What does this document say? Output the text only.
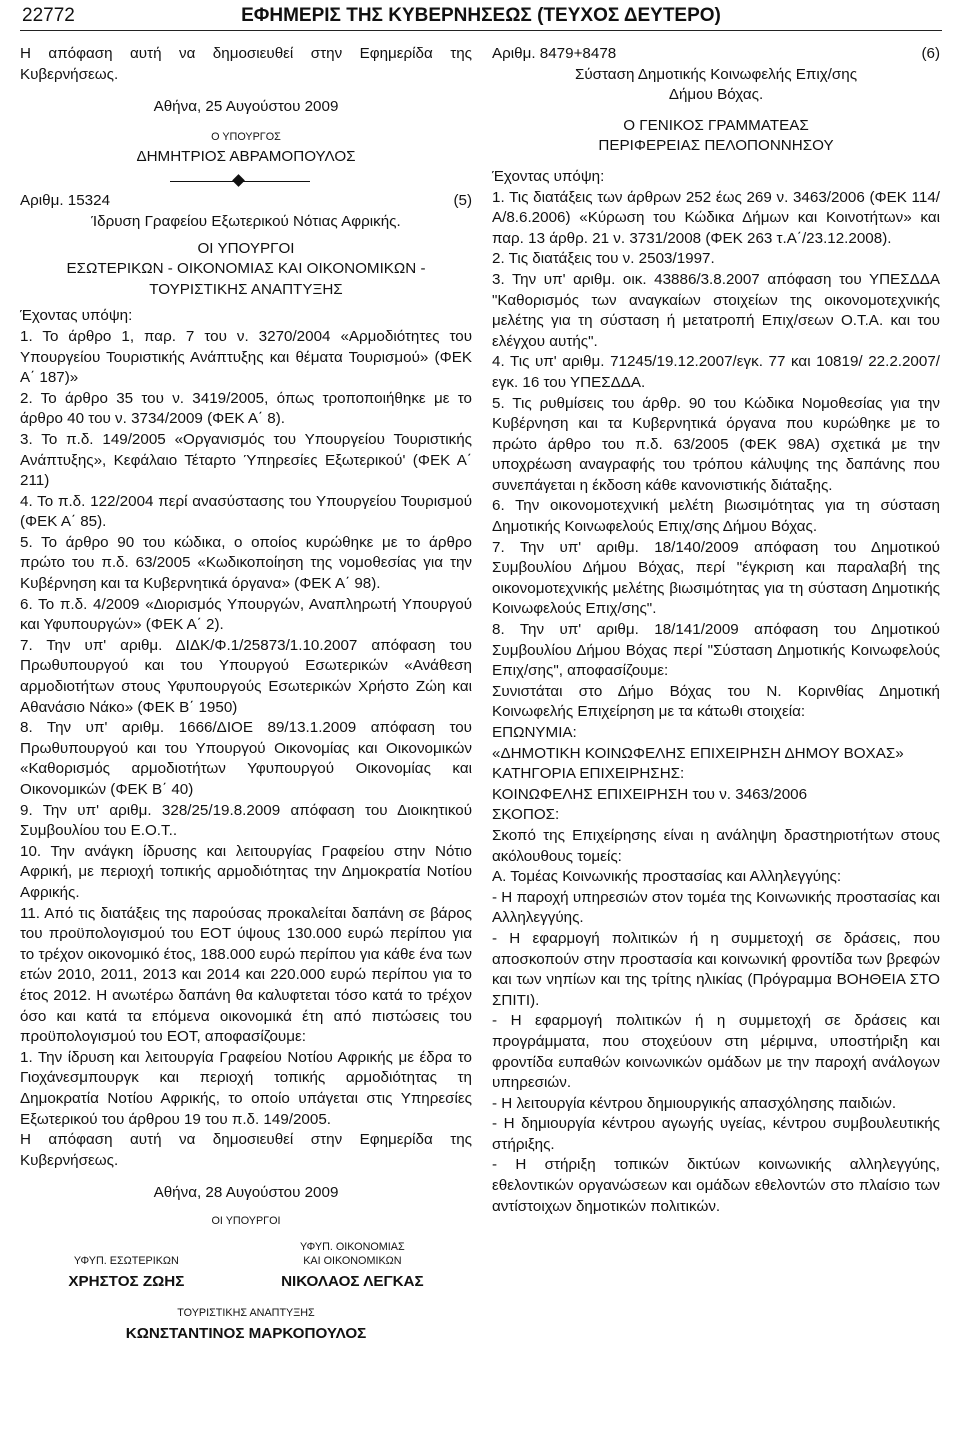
22772	ΕΦΗΜΕΡΙΣ ΤΗΣ ΚΥΒΕΡΝΗΣΕΩΣ (ΤΕΥΧΟΣ ΔΕΥΤΕΡΟ)

Η απόφαση αυτή να δημοσιευθεί στην Εφημερίδα της Κυβερνήσεως.

Αθήνα, 25 Αυγούστου 2009

Ο ΥΠΟΥΡΓΟΣ

ΔΗΜΗΤΡΙΟΣ ΑΒΡΑΜΟΠΟΥΛΟΣ

Αριθμ. 15324	(5)

Ίδρυση Γραφείου Εξωτερικού Νότιας Αφρικής.

ΟΙ ΥΠΟΥΡΓΟΙ
ΕΣΩΤΕΡΙΚΩΝ - ΟΙΚΟΝΟΜΙΑΣ ΚΑΙ ΟΙΚΟΝΟΜΙΚΩΝ -
ΤΟΥΡΙΣΤΙΚΗΣ ΑΝΑΠΤΥΞΗΣ

Έχοντας υπόψη:

1. Το άρθρο 1, παρ. 7 του ν. 3270/2004 «Αρμοδιότητες του Υπουργείου Τουριστικής Ανάπτυξης και θέματα Τουρισμού» (ΦΕΚ Α΄ 187)»

2. Το άρθρο 35 του ν. 3419/2005, όπως τροποποιήθηκε με το άρθρο 40 του ν. 3734/2009 (ΦΕΚ Α΄ 8).

3. Το π.δ. 149/2005 «Οργανισμός του Υπουργείου Τουριστικής Ανάπτυξης», Κεφάλαιο Τέταρτο Ύπηρεσίες Εξωτερικού' (ΦΕΚ Α΄ 211)

4. Το π.δ. 122/2004 περί ανασύστασης του Υπουργείου Τουρισμού (ΦΕΚ Α΄ 85).

5. Το άρθρο 90 του κώδικα, ο οποίος κυρώθηκε με το άρθρο πρώτο του π.δ. 63/2005 «Κωδικοποίηση της νομοθεσίας για την Κυβέρνηση και τα Κυβερνητικά όργανα» (ΦΕΚ Α΄ 98).

6. Το π.δ. 4/2009 «Διορισμός Υπουργών, Αναπληρωτή Υπουργού και Υφυπουργών» (ΦΕΚ Α΄ 2).

7. Την υπ' αριθμ. ΔΙΔΚ/Φ.1/25873/1.10.2007 απόφαση του Πρωθυπουργού και του Υπουργού Εσωτερικών «Ανάθεση αρμοδιοτήτων στους Υφυπουργούς Εσωτερικών Χρήστο Ζώη και Αθανάσιο Νάκο» (ΦΕΚ Β΄ 1950)

8. Την υπ' αριθμ. 1666/ΔΙΟΕ 89/13.1.2009 απόφαση του Πρωθυπουργού και του Υπουργού Οικονομίας και Οικονομικών «Καθορισμός αρμοδιοτήτων Υφυπουργού Οικονομίας και Οικονομικών (ΦΕΚ Β΄ 40)

9. Την υπ' αριθμ. 328/25/19.8.2009 απόφαση του Διοικητικού Συμβουλίου του Ε.Ο.Τ..

10. Την ανάγκη ίδρυσης και λειτουργίας Γραφείου στην Νότιο Αφρική, με περιοχή τοπικής αρμοδιότητας την Δημοκρατία Νοτίου Αφρικής.

11. Από τις διατάξεις της παρούσας προκαλείται δαπάνη σε βάρος του προϋπολογισμού του ΕΟΤ ύψους 130.000 ευρώ περίπου για το τρέχον οικονομικό έτος, 188.000 ευρώ περίπου για κάθε ένα των ετών 2010, 2011, 2013 και 2014 και 220.000 ευρώ περίπου για το έτος 2012. Η ανωτέρω δαπάνη θα καλυφτεται τόσο κατά το τρέχον όσο και κατά τα επόμενα οικονομικά έτη από πιστώσεις του προϋπολογισμού του ΕΟΤ, αποφασίζουμε:

1. Την ίδρυση και λειτουργία Γραφείου Νοτίου Αφρικής με έδρα το Γιοχάνεσμπουργκ και περιοχή τοπικής αρμοδιότητας τη Δημοκρατία Νοτίου Αφρικής, το οποίο υπάγεται στις Υπηρεσίες Εξωτερικού του άρθρου 19 του π.δ. 149/2005.

Η απόφαση αυτή να δημοσιευθεί στην Εφημερίδα της Κυβερνήσεως.

Αθήνα, 28 Αυγούστου 2009

ΟΙ ΥΠΟΥΡΓΟΙ

ΥΦΥΠ. ΕΣΩΤΕΡΙΚΩΝ

ΧΡΗΣΤΟΣ ΖΩΗΣ

ΥΦΥΠ. ΟΙΚΟΝΟΜΙΑΣ
ΚΑΙ ΟΙΚΟΝΟΜΙΚΩΝ

ΝΙΚΟΛΑΟΣ ΛΕΓΚΑΣ

ΤΟΥΡΙΣΤΙΚΗΣ ΑΝΑΠΤΥΞΗΣ

ΚΩΝΣΤΑΝΤΙΝΟΣ ΜΑΡΚΟΠΟΥΛΟΣ

Αριθμ. 8479+8478	(6)

Σύσταση Δημοτικής Κοινωφελής Επιχ/σης
Δήμου Βόχας.

Ο ΓΕΝΙΚΟΣ ΓΡΑΜΜΑΤΕΑΣ
ΠΕΡΙΦΕΡΕΙΑΣ ΠΕΛΟΠΟΝΝΗΣΟΥ

Έχοντας υπόψη:

1. Τις διατάξεις των άρθρων 252 έως 269 ν. 3463/2006 (ΦΕΚ 114/Α/8.6.2006) «Κύρωση του Κώδικα Δήμων και Κοινοτήτων» και παρ. 13 άρθρ. 21 ν. 3731/2008 (ΦΕΚ 263 τ.Α΄/23.12.2008).

2. Τις διατάξεις του ν. 2503/1997.

3. Την υπ' αριθμ. οικ. 43886/3.8.2007 απόφαση του ΥΠΕΣΔΔΑ "Καθορισμός των αναγκαίων στοιχείων της οικονομοτεχνικής μελέτης για τη σύσταση ή μετατροπή Επιχ/σεων Ο.Τ.Α. και του ελέγχου αυτής".

4. Τις υπ' αριθμ. 71245/19.12.2007/εγκ. 77 και 10819/ 22.2.2007/εγκ. 16 του ΥΠΕΣΔΔΑ.

5. Τις ρυθμίσεις του άρθρ. 90 του Κώδικα Νομοθεσίας για την Κυβέρνηση και τα Κυβερνητικά όργανα που κυρώθηκε με το πρώτο άρθρο του π.δ. 63/2005 (ΦΕΚ 98Α) σχετικά με την υποχρέωση αναγραφής του τρόπου κάλυψης της δαπάνης που συνεπάγεται η έκδοση κάθε κανονιστικής διάταξης.

6. Την οικονομοτεχνική μελέτη βιωσιμότητας για τη σύσταση Δημοτικής Κοινωφελούς Επιχ/σης Δήμου Βόχας.

7. Την υπ' αριθμ. 18/140/2009 απόφαση του Δημοτικού Συμβουλίου Δήμου Βόχας, περί "έγκριση και παραλαβή της οικονομοτεχνικής μελέτης βιωσιμότητας για τη σύσταση Δημοτικής Κοινωφελούς Επιχ/σης".

8. Την υπ' αριθμ. 18/141/2009 απόφαση του Δημοτικού Συμβουλίου Δήμου Βόχας περί "Σύσταση Δημοτικής Κοινωφελούς Επιχ/σης", αποφασίζουμε:

Συνιστάται στο Δήμο Βόχας του Ν. Κορινθίας Δημοτική Κοινωφελής Επιχείρηση με τα κάτωθι στοιχεία:

ΕΠΩΝΥΜΙΑ:

«ΔΗΜΟΤΙΚΗ ΚΟΙΝΩΦΕΛΗΣ ΕΠΙΧΕΙΡΗΣΗ ΔΗΜΟΥ ΒΟΧΑΣ»

ΚΑΤΗΓΟΡΙΑ ΕΠΙΧΕΙΡΗΣΗΣ:

ΚΟΙΝΩΦΕΛΗΣ ΕΠΙΧΕΙΡΗΣΗ του ν. 3463/2006

ΣΚΟΠΟΣ:

Σκοπό της Επιχείρησης είναι η ανάληψη δραστηριοτήτων στους ακόλουθους τομείς:

Α. Τομέας Κοινωνικής προστασίας και Αλληλεγγύης:

- Η παροχή υπηρεσιών στον τομέα της Κοινωνικής προστασίας και Αλληλεγγύης.

- Η εφαρμογή πολιτικών ή η συμμετοχή σε δράσεις, που αποσκοπούν στην προστασία και κοινωνική φροντίδα των βρεφών και των νηπίων και της τρίτης ηλικίας (Πρόγραμμα ΒΟΗΘΕΙΑ ΣΤΟ ΣΠΙΤΙ).

- Η εφαρμογή πολιτικών ή η συμμετοχή σε δράσεις και προγράμματα, που στοχεύουν στη μέριμνα, υποστήριξη και φροντίδα ευπαθών κοινωνικών ομάδων με την παροχή ανάλογων υπηρεσιών.

- Η λειτουργία κέντρου δημιουργικής απασχόλησης παιδιών.

- Η δημιουργία κέντρου αγωγής υγείας, κέντρου συμβουλευτικής στήριξης.

- Η στήριξη τοπικών δικτύων κοινωνικής αλληλεγγύης, εθελοντικών οργανώσεων και ομάδων εθελοντών στο πλαίσιο των αντίστοιχων δημοτικών πολιτικών.
